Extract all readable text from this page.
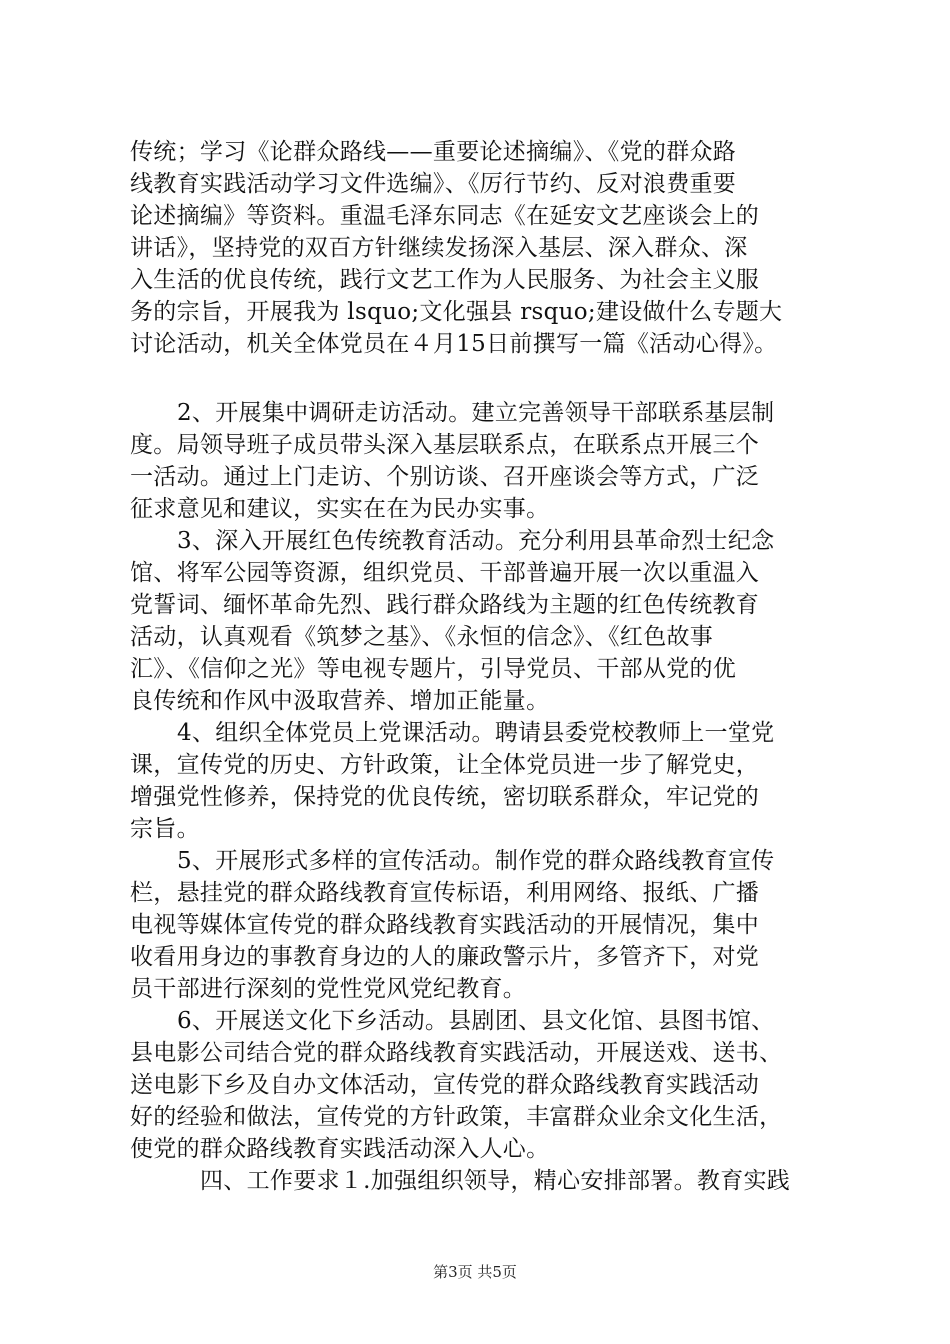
传统；学习《论群众路线——重要论述摘编》、《党的群众路
线教育实践活动学习文件选编》、《厉行节约、反对浪费重要
论述摘编》等资料。重温毛泽东同志《在延安文艺座谈会上的
讲话》，坚持党的双百方针继续发扬深入基层、深入群众、深
入生活的优良传统，践行文艺工作为人民服务、为社会主义服
务的宗旨，开展我为 lsquo;文化强县 rsquo;建设做什么专题大
讨论活动，机关全体党员在４月15日前撰写一篇《活动心得》。
2、开展集中调研走访活动。建立完善领导干部联系基层制
度。局领导班子成员带头深入基层联系点，在联系点开展三个
一活动。通过上门走访、个别访谈、召开座谈会等方式，广泛
征求意见和建议，实实在在为民办实事。
3、深入开展红色传统教育活动。充分利用县革命烈士纪念
馆、将军公园等资源，组织党员、干部普遍开展一次以重温入
党誓词、缅怀革命先烈、践行群众路线为主题的红色传统教育
活动，认真观看《筑梦之基》、《永恒的信念》、《红色故事
汇》、《信仰之光》等电视专题片，引导党员、干部从党的优
良传统和作风中汲取营养、增加正能量。
4、组织全体党员上党课活动。聘请县委党校教师上一堂党
课，宣传党的历史、方针政策，让全体党员进一步了解党史，
增强党性修养，保持党的优良传统，密切联系群众，牢记党的
宗旨。
5、开展形式多样的宣传活动。制作党的群众路线教育宣传
栏，悬挂党的群众路线教育宣传标语，利用网络、报纸、广播
电视等媒体宣传党的群众路线教育实践活动的开展情况，集中
收看用身边的事教育身边的人的廉政警示片，多管齐下，对党
员干部进行深刻的党性党风党纪教育。
6、开展送文化下乡活动。县剧团、县文化馆、县图书馆、
县电影公司结合党的群众路线教育实践活动，开展送戏、送书、
送电影下乡及自办文体活动，宣传党的群众路线教育实践活动
好的经验和做法，宣传党的方针政策，丰富群众业余文化生活，
使党的群众路线教育实践活动深入人心。
四、工作要求１.加强组织领导，精心安排部署。教育实践
第3页 共5页
